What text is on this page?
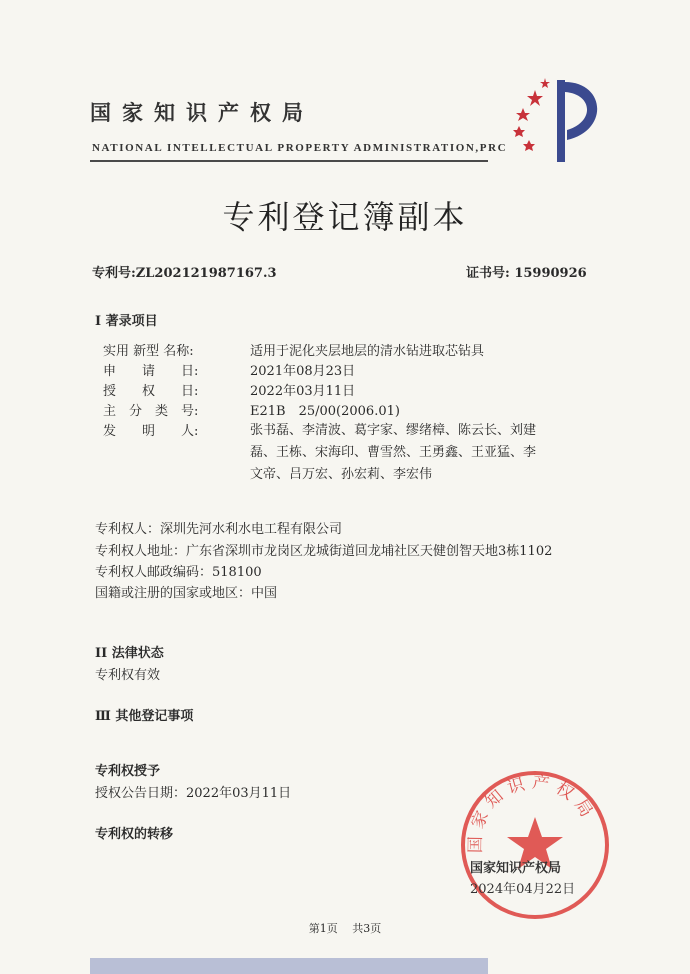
国家知识产权局
NATIONAL INTELLECTUAL PROPERTY ADMINISTRATION,PRC
专利登记簿副本
专利号:ZL202121987167.3	证书号: 15990926
I 著录项目
实用 新型 名称:	适用于泥化夹层地层的清水钻进取芯钻具
申　　请　　日:	2021年08月23日
授　　权　　日:	2022年03月11日
主　分　类　号:	E21B　25/00(2006.01)
发　　明　　人:	张书磊、李清波、葛字家、缪绪樟、陈云长、刘建
磊、王栋、宋海印、曹雪然、王勇鑫、王亚猛、李
文帝、吕万宏、孙宏莉、李宏伟
专利权人：深圳先河水利水电工程有限公司
专利权人地址：广东省深圳市龙岗区龙城街道回龙埔社区天健创智天地3栋1102
专利权人邮政编码：518100
国籍或注册的国家或地区：中国
II 法律状态
专利权有效
Ⅲ 其他登记事项
专利权授予
授权公告日期：2022年03月11日
专利权的转移	国家知识产权局
国家知识产权局
2024年04月22日
第1页　 共3页
